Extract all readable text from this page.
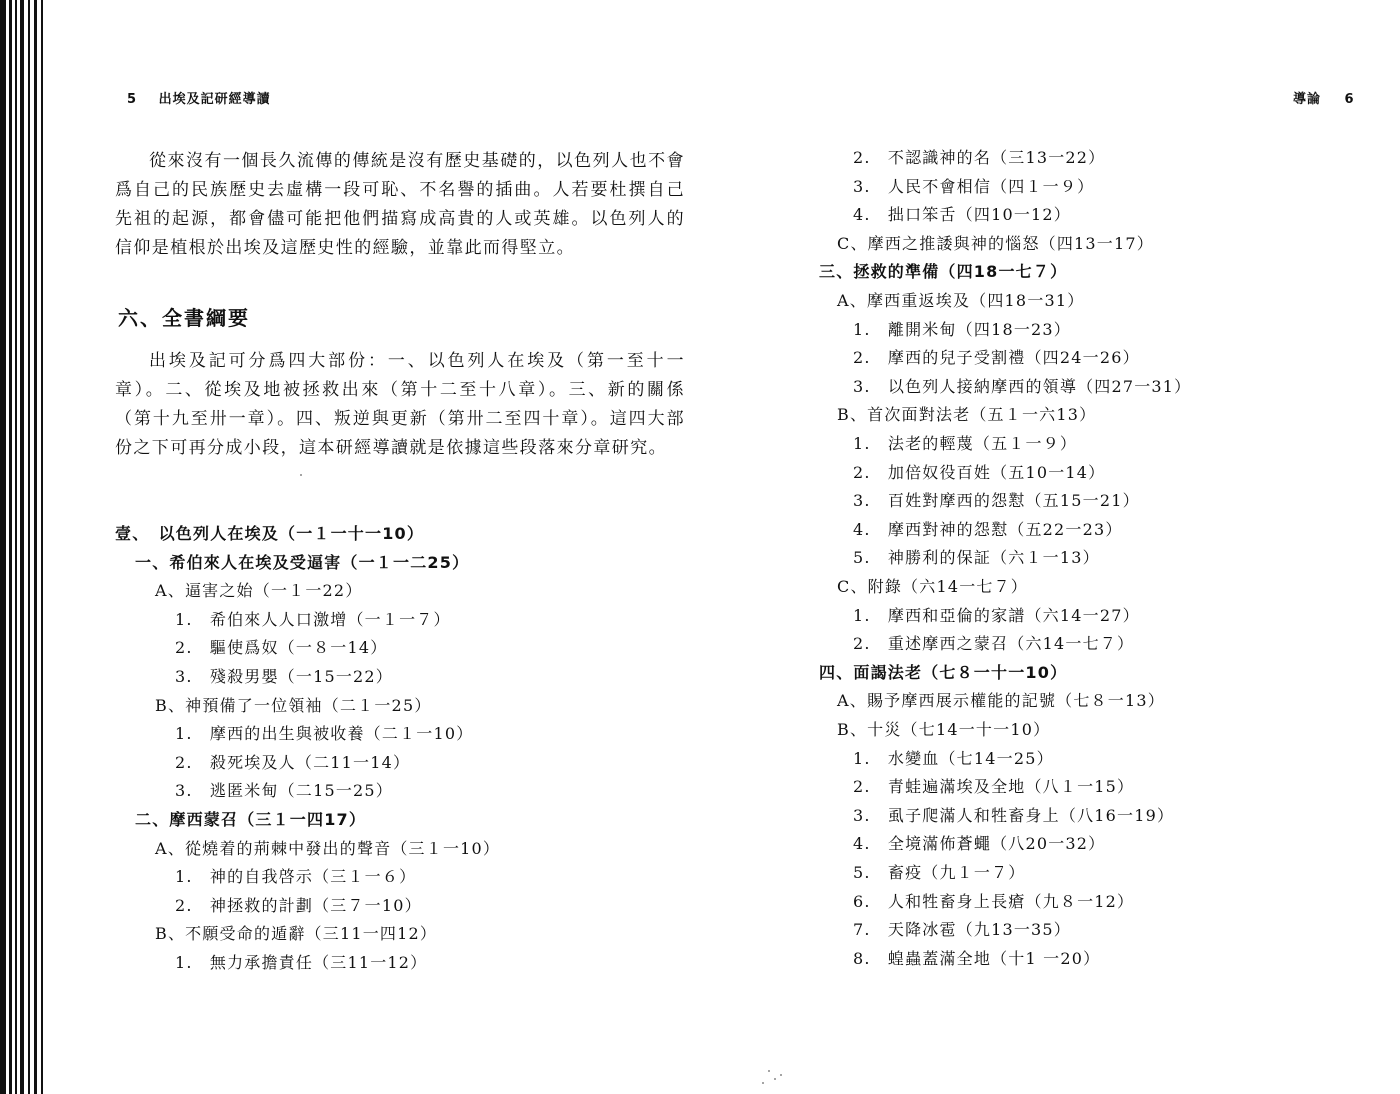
5 出埃及記研經導讀
從來沒有一個長久流傳的傳統是沒有歷史基礎的，以色列人也不會爲自己的民族歷史去虛構一段可恥、不名譽的插曲。人若要杜撰自己先祖的起源，都會儘可能把他們描寫成高貴的人或英雄。以色列人的信仰是植根於出埃及這歷史性的經驗，並靠此而得堅立。
六、全書綱要
出埃及記可分爲四大部份：一、以色列人在埃及（第一至十一章）。二、從埃及地被拯救出來（第十二至十八章）。三、新的關係（第十九至卅一章）。四、叛逆與更新（第卅二至四十章）。這四大部份之下可再分成小段，這本研經導讀就是依據這些段落來分章研究。
壹、　以色列人在埃及（一１一十一10）
一、希伯來人在埃及受逼害（一１一二25）
A、逼害之始（一１一22）
1.　希伯來人人口激增（一１一７）
2.　驅使爲奴（一８一14）
3.　殘殺男嬰（一15一22）
B、神預備了一位領袖（二１一25）
1.　摩西的出生與被收養（二１一10）
2.　殺死埃及人（二11一14）
3.　逃匿米甸（二15一25）
二、摩西蒙召（三１一四17）
A、從燒着的荊棘中發出的聲音（三１一10）
1.　神的自我啓示（三１一６）
2.　神拯救的計劃（三７一10）
B、不願受命的遁辭（三11一四12）
1.　無力承擔責任（三11一12）
導論 6
2.　不認識神的名（三13一22）
3.　人民不會相信（四１一９）
4.　拙口笨舌（四10一12）
C、摩西之推諉與神的惱怒（四13一17）
三、拯救的準備（四18一七７）
A、摩西重返埃及（四18一31）
1.　離開米甸（四18一23）
2.　摩西的兒子受割禮（四24一26）
3.　以色列人接納摩西的領導（四27一31）
B、首次面對法老（五１一六13）
1.　法老的輕蔑（五１一９）
2.　加倍奴役百姓（五10一14）
3.　百姓對摩西的怨懟（五15一21）
4.　摩西對神的怨懟（五22一23）
5.　神勝利的保証（六１一13）
C、附錄（六14一七７）
1.　摩西和亞倫的家譜（六14一27）
2.　重述摩西之蒙召（六14一七７）
四、面謁法老（七８一十一10）
A、賜予摩西展示權能的記號（七８一13）
B、十災（七14一十一10）
1.　水變血（七14一25）
2.　青蛙遍滿埃及全地（八１一15）
3.　虱子爬滿人和牲畜身上（八16一19）
4.　全境滿佈蒼蠅（八20一32）
5.　畜疫（九１一７）
6.　人和牲畜身上長瘡（九８一12）
7.　天降冰雹（九13一35）
8.　蝗蟲蓋滿全地（十1 一20）
